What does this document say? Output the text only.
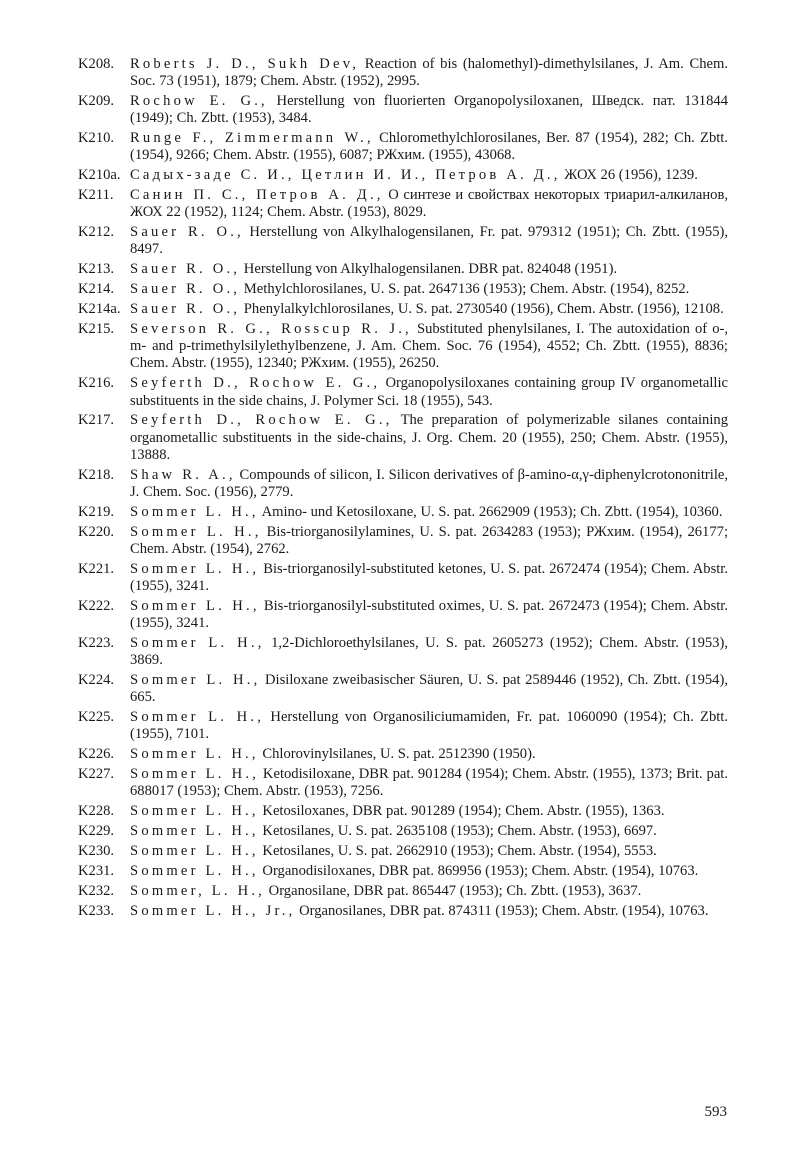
K208.	Roberts J. D., Sukh Dev, Reaction of bis (halomethyl)-dimethylsilanes, J. Am. Chem. Soc. 73 (1951), 1879; Chem. Abstr. (1952), 2995.
K209.	Rochow E. G., Herstellung von fluorierten Organopolysiloxanen, Шведск. пат. 131844 (1949); Ch. Zbtt. (1953), 3484.
K210.	Runge F., Zimmermann W., Chloromethylchlorosilanes, Ber. 87 (1954), 282; Ch. Zbtt. (1954), 9266; Chem. Abstr. (1955), 6087; РЖхим. (1955), 43068.
K210a. Садых-заде С. И., Цетлин И. И., Петров А. Д., ЖОХ 26 (1956), 1239.
K211.	Санин П. С., Петров А. Д., О синтезе и свойствах некоторых триарил-алкиланов, ЖОХ 22 (1952), 1124; Chem. Abstr. (1953), 8029.
K212.	Sauer R. O., Herstellung von Alkylhalogensilanen, Fr. pat. 979312 (1951); Ch. Zbtt. (1955), 8497.
K213.	Sauer R. O., Herstellung von Alkylhalogensilanen. DBR pat. 824048 (1951).
K214.	Sauer R. O., Methylchlorosilanes, U. S. pat. 2647136 (1953); Chem. Abstr. (1954), 8252.
K214a. Sauer R. O., Phenylalkylchlorosilanes, U. S. pat. 2730540 (1956), Chem. Abstr. (1956), 12108.
K215.	Severson R. G., Rosscup R. J., Substituted phenylsilanes, I. The autoxidation of o-, m- and p-trimethylsilylethylbenzene, J. Am. Chem. Soc. 76 (1954), 4552; Ch. Zbtt. (1955), 8836; Chem. Abstr. (1955), 12340; РЖхим. (1955), 26250.
K216.	Seyferth D., Rochow E. G., Organopolysiloxanes containing group IV organometallic substituents in the side chains, J. Polymer Sci. 18 (1955), 543.
K217.	Seyferth D., Rochow E. G., The preparation of polymerizable silanes containing organometallic substituents in the side-chains, J. Org. Chem. 20 (1955), 250; Chem. Abstr. (1955), 13888.
K218.	Shaw R. A., Compounds of silicon, I. Silicon derivatives of β-amino-α,γ-diphenylcrotononitrile, J. Chem. Soc. (1956), 2779.
K219.	Sommer L. H., Amino- und Ketosiloxane, U. S. pat. 2662909 (1953); Ch. Zbtt. (1954), 10360.
K220.	Sommer L. H., Bis-triorganosilylamines, U. S. pat. 2634283 (1953); РЖхим. (1954), 26177; Chem. Abstr. (1954), 2762.
K221.	Sommer L. H., Bis-triorganosilyl-substituted ketones, U. S. pat. 2672474 (1954); Chem. Abstr. (1955), 3241.
K222.	Sommer L. H., Bis-triorganosilyl-substituted oximes, U. S. pat. 2672473 (1954); Chem. Abstr. (1955), 3241.
K223.	Sommer L. H., 1,2-Dichloroethylsilanes, U. S. pat. 2605273 (1952); Chem. Abstr. (1953), 3869.
K224.	Sommer L. H., Disiloxane zweibasischer Säuren, U. S. pat 2589446 (1952), Ch. Zbtt. (1954), 665.
K225.	Sommer L. H., Herstellung von Organosiliciumamiden, Fr. pat. 1060090 (1954); Ch. Zbtt. (1955), 7101.
K226.	Sommer L. H., Chlorovinylsilanes, U. S. pat. 2512390 (1950).
K227.	Sommer L. H., Ketodisiloxane, DBR pat. 901284 (1954); Chem. Abstr. (1955), 1373; Brit. pat. 688017 (1953); Chem. Abstr. (1953), 7256.
K228.	Sommer L. H., Ketosiloxanes, DBR pat. 901289 (1954); Chem. Abstr. (1955), 1363.
K229.	Sommer L. H., Ketosilanes, U. S. pat. 2635108 (1953); Chem. Abstr. (1953), 6697.
K230.	Sommer L. H., Ketosilanes, U. S. pat. 2662910 (1953); Chem. Abstr. (1954), 5553.
K231.	Sommer L. H., Organodisiloxanes, DBR pat. 869956 (1953); Chem. Abstr. (1954), 10763.
K232.	Sommer, L. H., Organosilane, DBR pat. 865447 (1953); Ch. Zbtt. (1953), 3637.
K233.	Sommer L. H., Jr., Organosilanes, DBR pat. 874311 (1953); Chem. Abstr. (1954), 10763.
593
